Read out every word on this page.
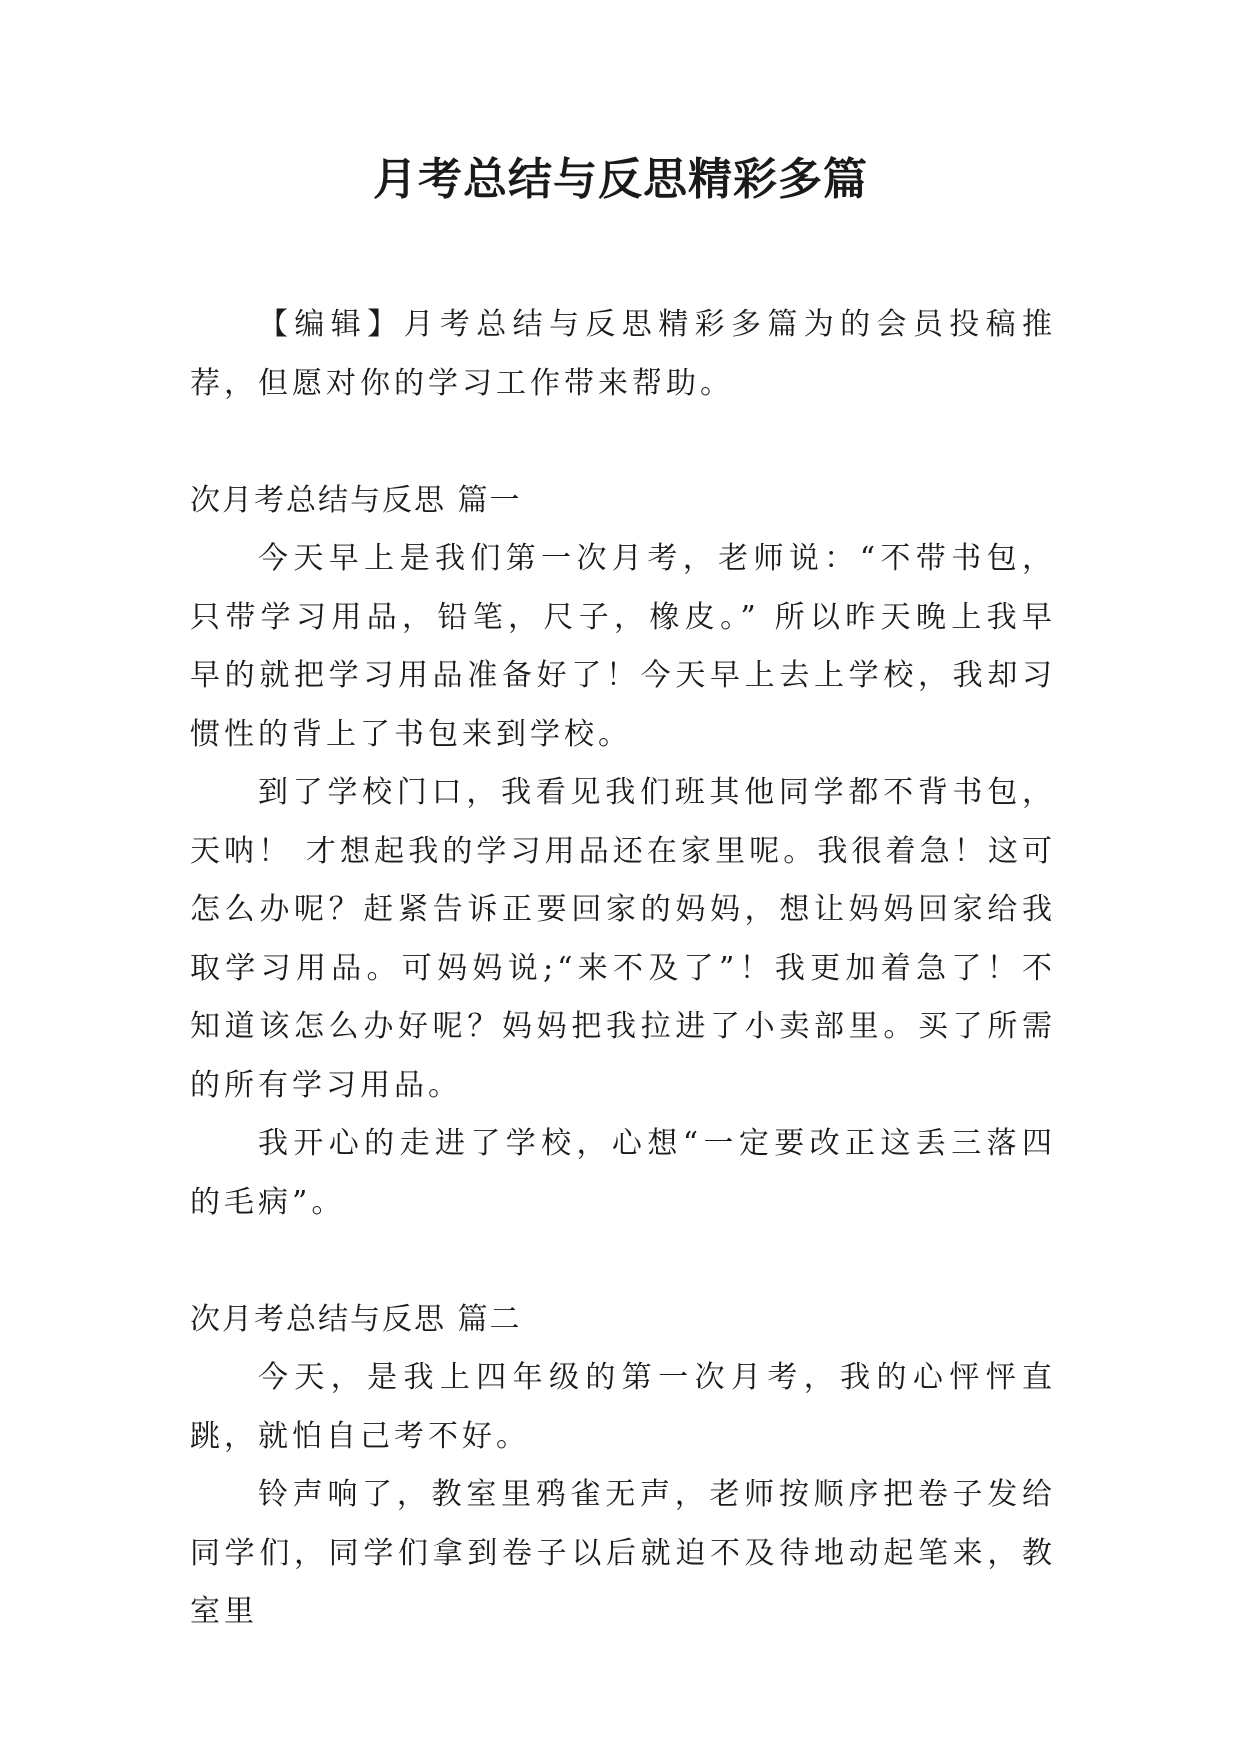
月考总结与反思精彩多篇

【编辑】月考总结与反思精彩多篇为的会员投稿推荐，但愿对你的学习工作带来帮助。

次月考总结与反思 篇一

今天早上是我们第一次月考，老师说：“不带书包，只带学习用品，铅笔，尺子，橡皮。” 所以昨天晚上我早早的就把学习用品准备好了！今天早上去上学校，我却习惯性的背上了书包来到学校。

到了学校门口，我看见我们班其他同学都不背书包，天呐！ 才想起我的学习用品还在家里呢。我很着急！这可怎么办呢？赶紧告诉正要回家的妈妈，想让妈妈回家给我取学习用品。可妈妈说;“来不及了”！我更加着急了！不知道该怎么办好呢？妈妈把我拉进了小卖部里。买了所需的所有学习用品。

我开心的走进了学校，心想“一定要改正这丢三落四的毛病”。

次月考总结与反思 篇二

今天，是我上四年级的第一次月考，我的心怦怦直跳，就怕自己考不好。

铃声响了，教室里鸦雀无声，老师按顺序把卷子发给同学们，同学们拿到卷子以后就迫不及待地动起笔来，教室里
